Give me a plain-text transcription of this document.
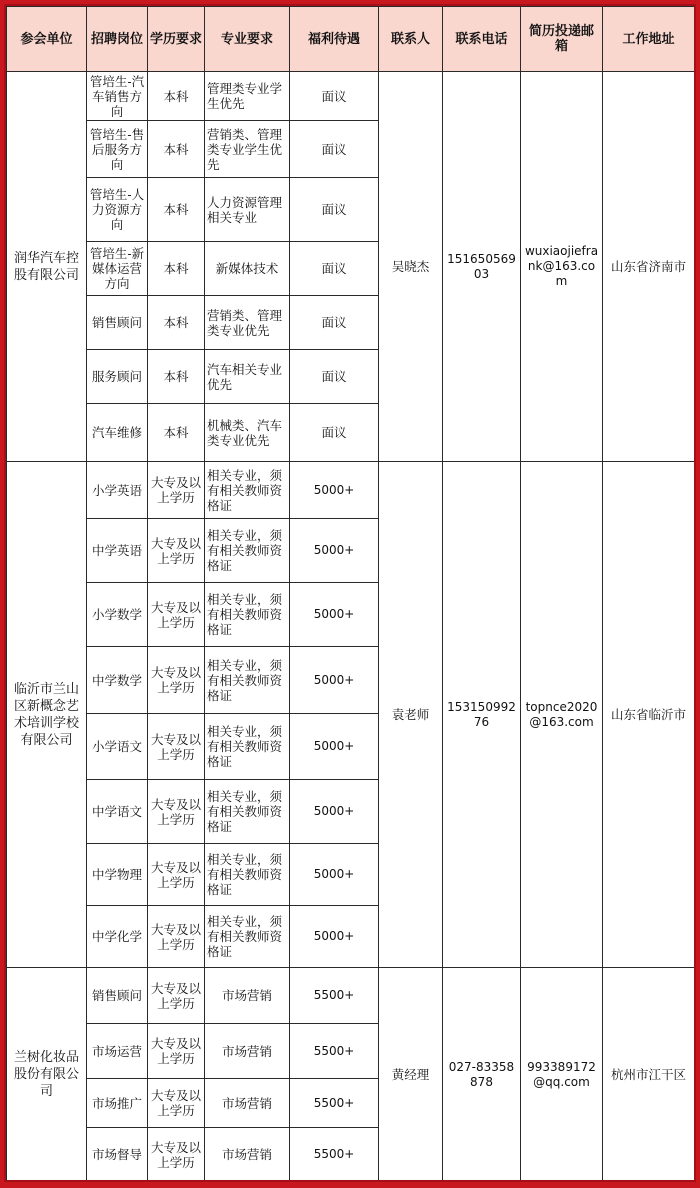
参会单位	招聘岗位	学历要求	专业要求	福利待遇	联系人	联系电话	简历投递邮箱	工作地址
润华汽车控股有限公司	管培生-汽车销售方向	本科	管理类专业学生优先	面议	吴晓杰	15165056903	wuxiaojiefrank@163.com	山东省济南市
	管培生-售后服务方向	本科	营销类、管理类专业学生优先	面议				
	管培生-人力资源方向	本科	人力资源管理相关专业	面议				
	管培生-新媒体运营方向	本科	新媒体技术	面议				
	销售顾问	本科	营销类、管理类专业优先	面议				
	服务顾问	本科	汽车相关专业优先	面议				
	汽车维修	本科	机械类、汽车类专业优先	面议				
临沂市兰山区新概念艺术培训学校有限公司	小学英语	大专及以上学历	相关专业，须有相关教师资格证	5000+	袁老师	15315099276	topnce2020@163.com	山东省临沂市
	中学英语	大专及以上学历	相关专业，须有相关教师资格证	5000+				
	小学数学	大专及以上学历	相关专业，须有相关教师资格证	5000+				
	中学数学	大专及以上学历	相关专业，须有相关教师资格证	5000+				
	小学语文	大专及以上学历	相关专业，须有相关教师资格证	5000+				
	中学语文	大专及以上学历	相关专业，须有相关教师资格证	5000+				
	中学物理	大专及以上学历	相关专业，须有相关教师资格证	5000+				
	中学化学	大专及以上学历	相关专业，须有相关教师资格证	5000+				
兰树化妆品股份有限公司	销售顾问	大专及以上学历	市场营销	5500+	黄经理	027-83358878	993389172@qq.com	杭州市江干区
	市场运营	大专及以上学历	市场营销	5500+				
	市场推广	大专及以上学历	市场营销	5500+				
	市场督导	大专及以上学历	市场营销	5500+				
